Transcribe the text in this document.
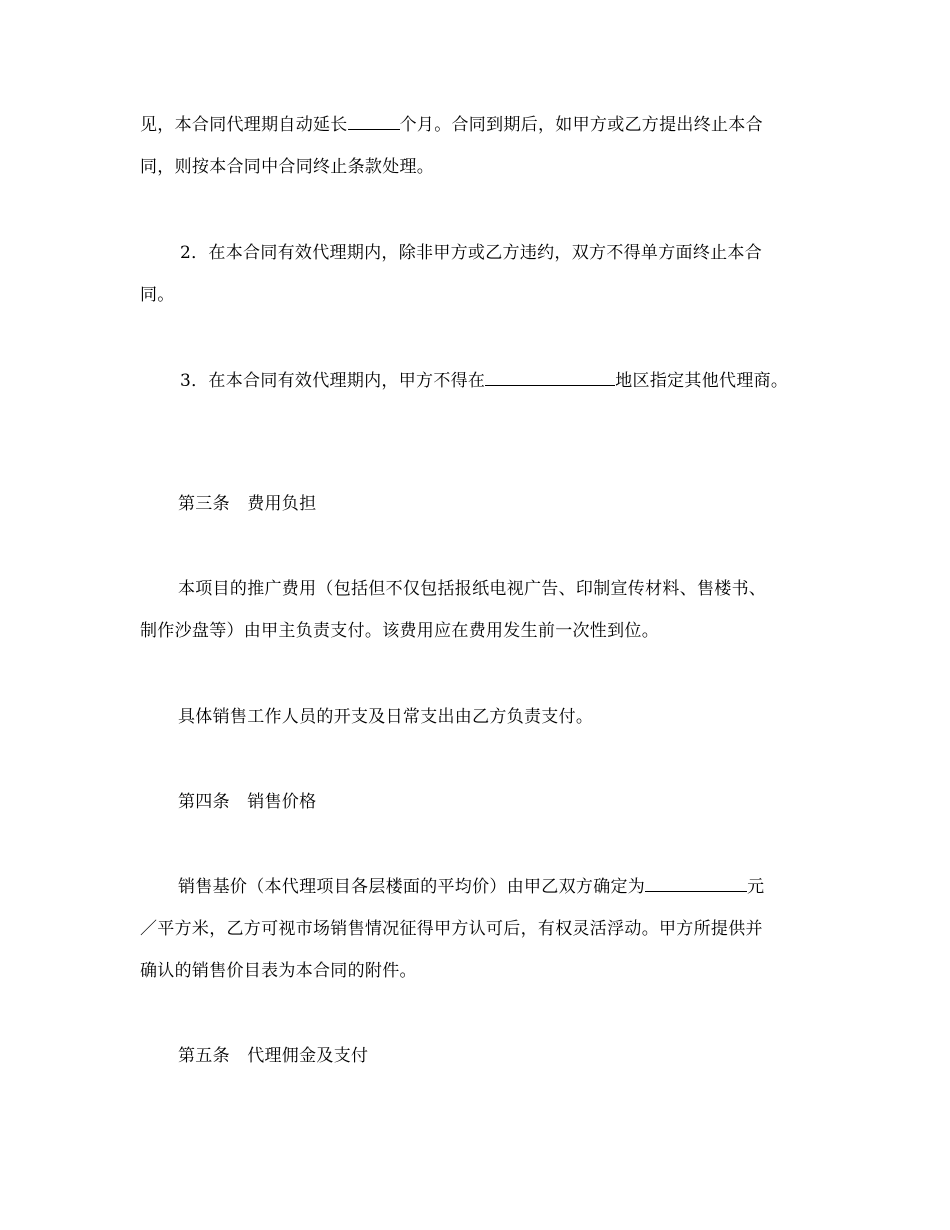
见，本合同代理期自动延长	个月。合同到期后，如甲方或乙方提出终止本合
同，则按本合同中合同终止条款处理。
2．在本合同有效代理期内，除非甲方或乙方违约，双方不得单方面终止本合
同。
3．在本合同有效代理期内，甲方不得在	地区指定其他代理商。
第三条　费用负担
本项目的推广费用（包括但不仅包括报纸电视广告、印制宣传材料、售楼书、
制作沙盘等）由甲主负责支付。该费用应在费用发生前一次性到位。
具体销售工作人员的开支及日常支出由乙方负责支付。
第四条　销售价格
销售基价（本代理项目各层楼面的平均价）由甲乙双方确定为	元
／平方米，乙方可视市场销售情况征得甲方认可后，有权灵活浮动。甲方所提供并
确认的销售价目表为本合同的附件。
第五条　代理佣金及支付
